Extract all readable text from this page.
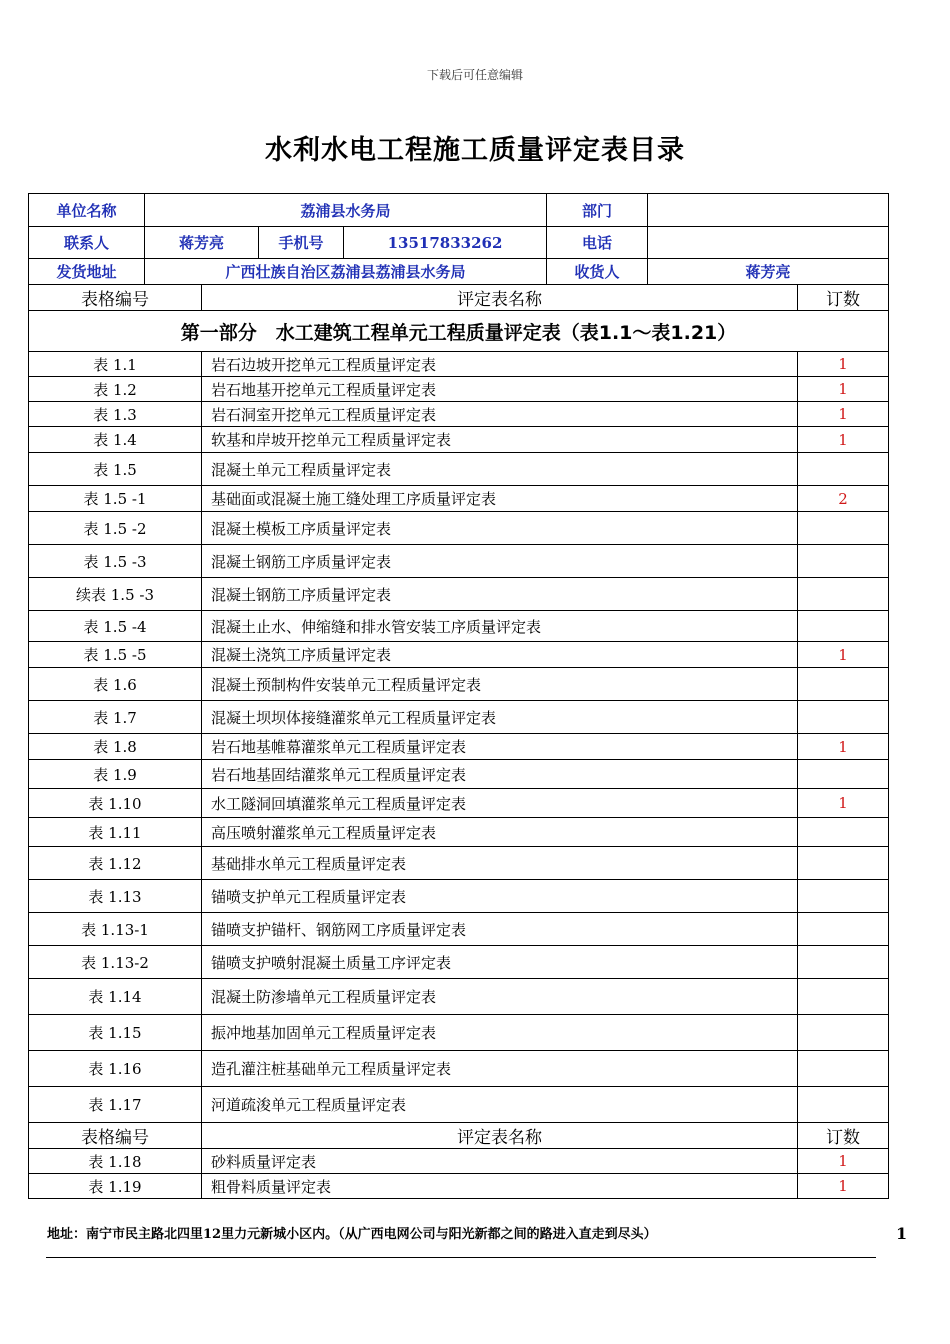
下载后可任意编辑
水利水电工程施工质量评定表目录
单位名称	荔浦县水务局			部门	
联系人	蒋芳亮	手机号	13517833262	电话	
发货地址	广西壮族自治区荔浦县荔浦县水务局			收货人	蒋芳亮
表格编号	评定表名称	订数
第一部分　水工建筑工程单元工程质量评定表（表1.1～表1.21）		
表 1.1	岩石边坡开挖单元工程质量评定表	1
表 1.2	岩石地基开挖单元工程质量评定表	1
表 1.3	岩石洞室开挖单元工程质量评定表	1
表 1.4	软基和岸坡开挖单元工程质量评定表	1
表 1.5	混凝土单元工程质量评定表	
表 1.5 -1	基础面或混凝土施工缝处理工序质量评定表	2
表 1.5 -2	混凝土模板工序质量评定表	
表 1.5 -3	混凝土钢筋工序质量评定表	
续表 1.5 -3	混凝土钢筋工序质量评定表	
表 1.5 -4	混凝土止水、伸缩缝和排水管安装工序质量评定表	
表 1.5 -5	混凝土浇筑工序质量评定表	1
表 1.6	混凝土预制构件安装单元工程质量评定表	
表 1.7	混凝土坝坝体接缝灌浆单元工程质量评定表	
表 1.8	岩石地基帷幕灌浆单元工程质量评定表	1
表 1.9	岩石地基固结灌浆单元工程质量评定表	
表 1.10	水工隧洞回填灌浆单元工程质量评定表	1
表 1.11	高压喷射灌浆单元工程质量评定表	
表 1.12	基础排水单元工程质量评定表	
表 1.13	锚喷支护单元工程质量评定表	
表 1.13-1	锚喷支护锚杆、钢筋网工序质量评定表	
表 1.13-2	锚喷支护喷射混凝土质量工序评定表	
表 1.14	混凝土防渗墙单元工程质量评定表	
表 1.15	振冲地基加固单元工程质量评定表	
表 1.16	造孔灌注桩基础单元工程质量评定表	
表 1.17	河道疏浚单元工程质量评定表	
表格编号	评定表名称	订数
表 1.18	砂料质量评定表	1
表 1.19	粗骨料质量评定表	1
地址：南宁市民主路北四里12里力元新城小区内。（从广西电网公司与阳光新都之间的路进入直走到尽头）	1
